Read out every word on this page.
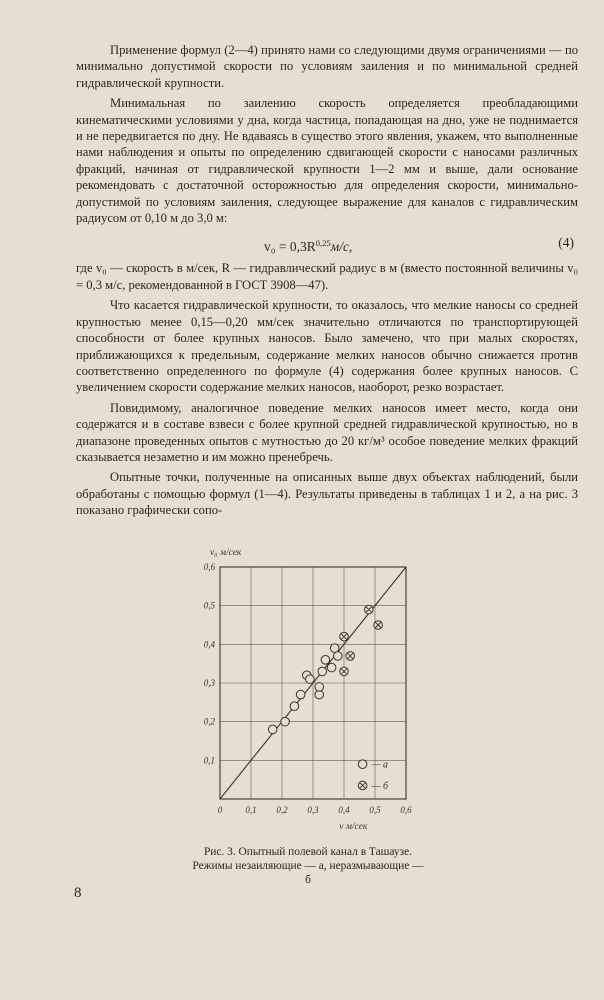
Применение формул (2—4) принято нами со следующими двумя ограничениями — по минимально допустимой скорости по условиям заиления и по минимальной средней гидравлической крупности.

Минимальная по заилению скорость определяется преобладающими кинематическими условиями у дна, когда частица, попадающая на дно, уже не поднимается и не передвигается по дну. Не вдаваясь в существо этого явления, укажем, что выполненные нами наблюдения и опыты по определению сдвигающей скорости с наносами различных фракций, начиная от гидравлической крупности 1—2 мм и выше, дали основание рекомендовать с достаточной осторожностью для определения скорости, минимально-допустимой по условиям заиления, следующее выражение для каналов с гидравлическим радиусом от 0,10 м до 3,0 м:

$v_0 = 0,3R^{0,25}м/с$,	(4)

где v₀ — скорость в м/сек, R — гидравлический радиус в м (вместо постоянной величины v₀ = 0,3 м/с, рекомендованной в ГОСТ 3908—47).

Что касается гидравлической крупности, то оказалось, что мелкие наносы со средней крупностью менее 0,15—0,20 мм/сек значительно отличаются по транспортирующей способности от более крупных наносов. Было замечено, что при малых скоростях, приближающихся к предельным, содержание мелких наносов обычно снижается против соответственно определенного по формуле (4) содержания более крупных наносов. С увеличением скорости содержание мелких наносов, наоборот, резко возрастает.

Повидимому, аналогичное поведение мелких наносов имеет место, когда они содержатся и в составе взвеси с более крупной средней гидравлической крупностью, но в диапазоне проведенных опытов с мутностью до 20 кг/м³ особое поведение мелких фракций сказывается незаметно и им можно пренебречь.

Опытные точки, полученные на описанных выше двух объектах наблюдений, были обработаны с помощью формул (1—4). Результаты приведены в таблицах 1 и 2, а на рис. 3 показано графически сопо-

0	0,1 0,2 0,3 0,4 0,5 0,6
0,1
0,2
0,3
0,4
0,5
0,6
v₀ м/сек
v м/сек
— а
— б
Рис. 3. Опытный полевой канал в Ташаузе. Режимы незаиляющие — а, неразмывающие — б
8
